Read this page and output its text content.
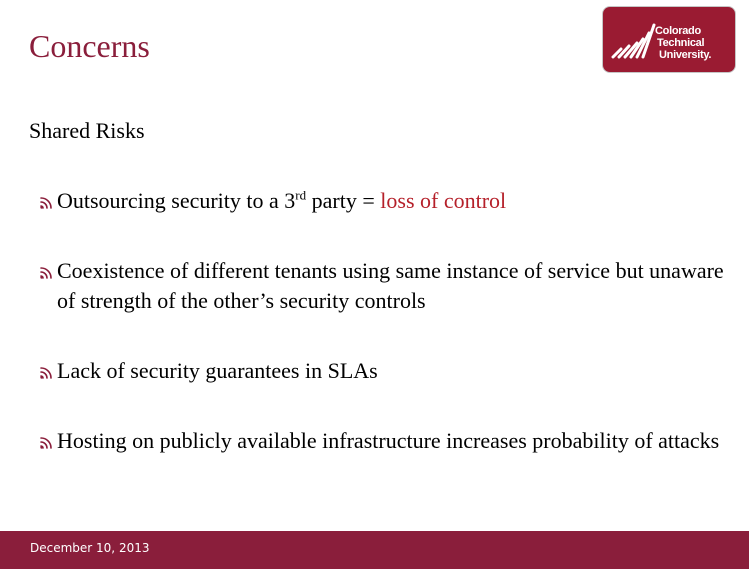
Concerns	Colorado
Technical
University.
Shared Risks
Outsourcing security to a 3rd party = loss of control
Coexistence of different tenants using same instance of service but unaware of strength of the other’s security controls
Lack of security guarantees in SLAs
Hosting on publicly available infrastructure increases probability of attacks
December 10, 2013
